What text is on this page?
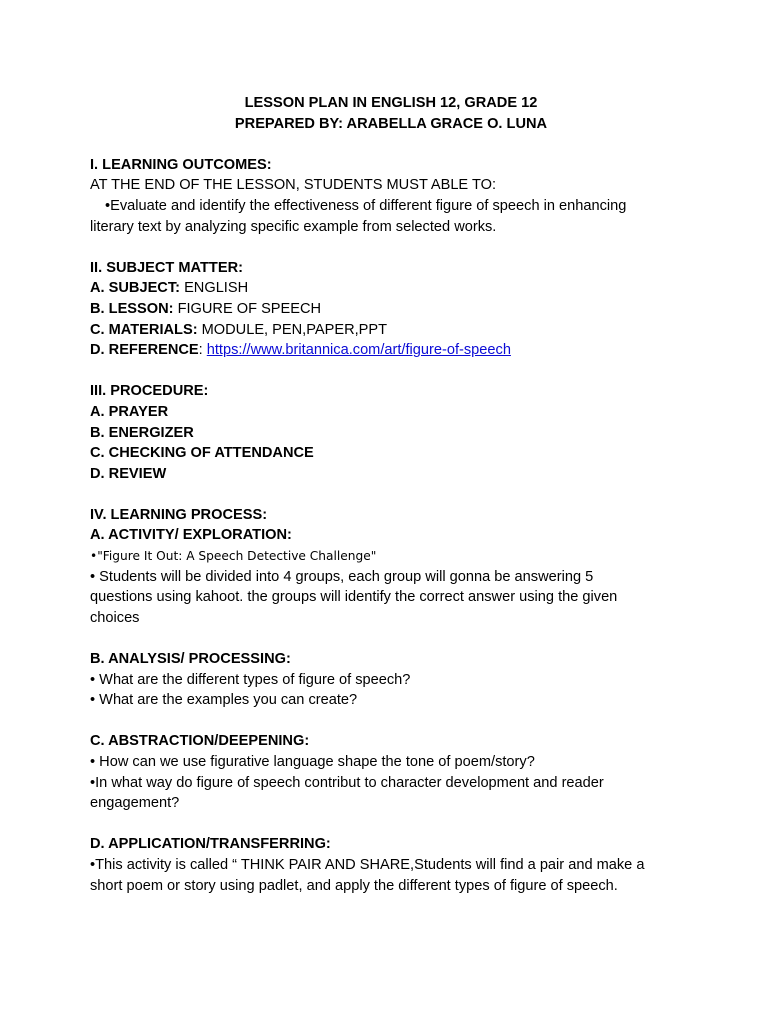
LESSON PLAN IN ENGLISH 12, GRADE 12
PREPARED BY: ARABELLA GRACE O. LUNA
I. LEARNING OUTCOMES:
AT THE END OF THE LESSON, STUDENTS MUST ABLE TO:
•Evaluate and identify the effectiveness of different figure of speech in enhancing
literary text by analyzing specific example from selected works.
II. SUBJECT MATTER:
A. SUBJECT: ENGLISH
B. LESSON: FIGURE OF SPEECH
C. MATERIALS: MODULE, PEN,PAPER,PPT
D. REFERENCE: https://www.britannica.com/art/figure-of-speech
III. PROCEDURE:
A. PRAYER
B. ENERGIZER
C. CHECKING OF ATTENDANCE
D. REVIEW
IV. LEARNING PROCESS:
A. ACTIVITY/ EXPLORATION:
•"Figure It Out: A Speech Detective Challenge"
• Students will be divided into 4 groups, each group will gonna be answering 5
questions using kahoot. the groups will identify the correct answer using the given
choices
B. ANALYSIS/ PROCESSING:
• What are the different types of figure of speech?
• What are the examples you can create?
C. ABSTRACTION/DEEPENING:
• How can we use figurative language shape the tone of poem/story?
•In what way do figure of speech contribut to character development and reader
engagement?
D. APPLICATION/TRANSFERRING:
•This activity is called “ THINK PAIR AND SHARE,Students will find a pair and make a
short poem or story using padlet, and apply the different types of figure of speech.
